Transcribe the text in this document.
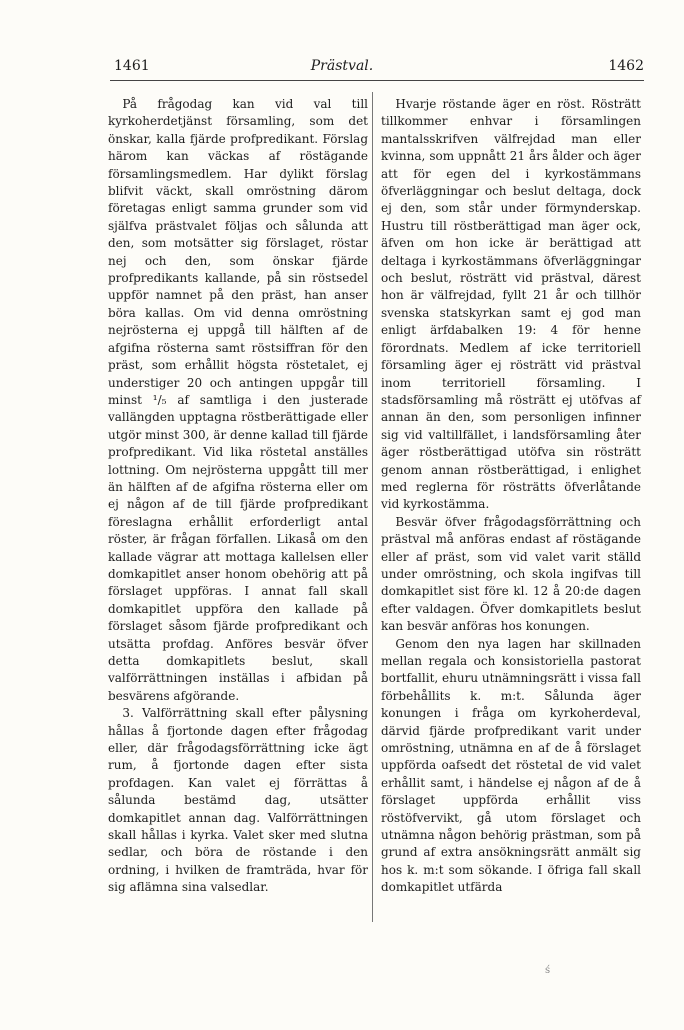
1461	Prästval.	1462

På frågodag kan vid val till kyrkoherdetjänst församling, som det önskar, kalla fjärde profpredikant. Förslag härom kan väckas af röstägande församlingsmedlem. Har dylikt förslag blifvit väckt, skall omröstning därom företagas enligt samma grunder som vid själfva prästvalet följas och sålunda att den, som motsätter sig förslaget, röstar nej och den, som önskar fjärde profpredikants kallande, på sin röstsedel uppför namnet på den präst, han anser böra kallas. Om vid denna omröstning nejrösterna ej uppgå till hälften af de afgifna rösterna samt röstsiffran för den präst, som erhållit högsta röstetalet, ej understiger 20 och antingen uppgår till minst ¹/₅ af samtliga i den justerade vallängden upptagna röstberättigade eller utgör minst 300, är denne kallad till fjärde profpredikant. Vid lika röstetal anställes lottning. Om nejrösterna uppgått till mer än hälften af de afgifna rösterna eller om ej någon af de till fjärde profpredikant föreslagna erhållit erforderligt antal röster, är frågan förfallen. Likaså om den kallade vägrar att mottaga kallelsen eller domkapitlet anser honom obehörig att på förslaget uppföras. I annat fall skall domkapitlet uppföra den kallade på förslaget såsom fjärde profpredikant och utsätta profdag. Anföres besvär öfver detta domkapitlets beslut, skall valförrättningen inställas i afbidan på besvärens afgörande.

3. Valförrättning skall efter pålysning hållas å fjortonde dagen efter frågodag eller, där frågodagsförrättning icke ägt rum, å fjortonde dagen efter sista profdagen. Kan valet ej förrättas å sålunda bestämd dag, utsätter domkapitlet annan dag. Valförrättningen skall hållas i kyrka. Valet sker med slutna sedlar, och böra de röstande i den ordning, i hvilken de framträda, hvar för sig aflämna sina valsedlar.

Hvarje röstande äger en röst. Rösträtt tillkommer enhvar i församlingen mantalsskrifven välfrejdad man eller kvinna, som uppnått 21 års ålder och äger att för egen del i kyrkostämmans öfverläggningar och beslut deltaga, dock ej den, som står under förmynderskap. Hustru till röstberättigad man äger ock, äfven om hon icke är berättigad att deltaga i kyrkostämmans öfverläggningar och beslut, rösträtt vid prästval, därest hon är välfrejdad, fyllt 21 år och tillhör svenska statskyrkan samt ej god man enligt ärfdabalken 19: 4 för henne förordnats. Medlem af icke territoriell församling äger ej rösträtt vid prästval inom territoriell församling. I stadsförsamling må rösträtt ej utöfvas af annan än den, som personligen infinner sig vid valtillfället, i landsförsamling åter äger röstberättigad utöfva sin rösträtt genom annan röstberättigad, i enlighet med reglerna för rösträtts öfverlåtande vid kyrkostämma.

Besvär öfver frågodagsförrättning och prästval må anföras endast af röstägande eller af präst, som vid valet varit ställd under omröstning, och skola ingifvas till domkapitlet sist före kl. 12 å 20:de dagen efter valdagen. Öfver domkapitlets beslut kan besvär anföras hos konungen.

Genom den nya lagen har skillnaden mellan regala och konsistoriella pastorat bortfallit, ehuru utnämningsrätt i vissa fall förbehållits k. m:t. Sålunda äger konungen i fråga om kyrkoherdeval, därvid fjärde profpredikant varit under omröstning, utnämna en af de å förslaget uppförda oafsedt det röstetal de vid valet erhållit samt, i händelse ej någon af de å förslaget uppförda erhållit viss röstöfvervikt, gå utom förslaget och utnämna någon behörig prästman, som på grund af extra ansökningsrätt anmält sig hos k. m:t som sökande. I öfriga fall skall domkapitlet utfärda

ś
